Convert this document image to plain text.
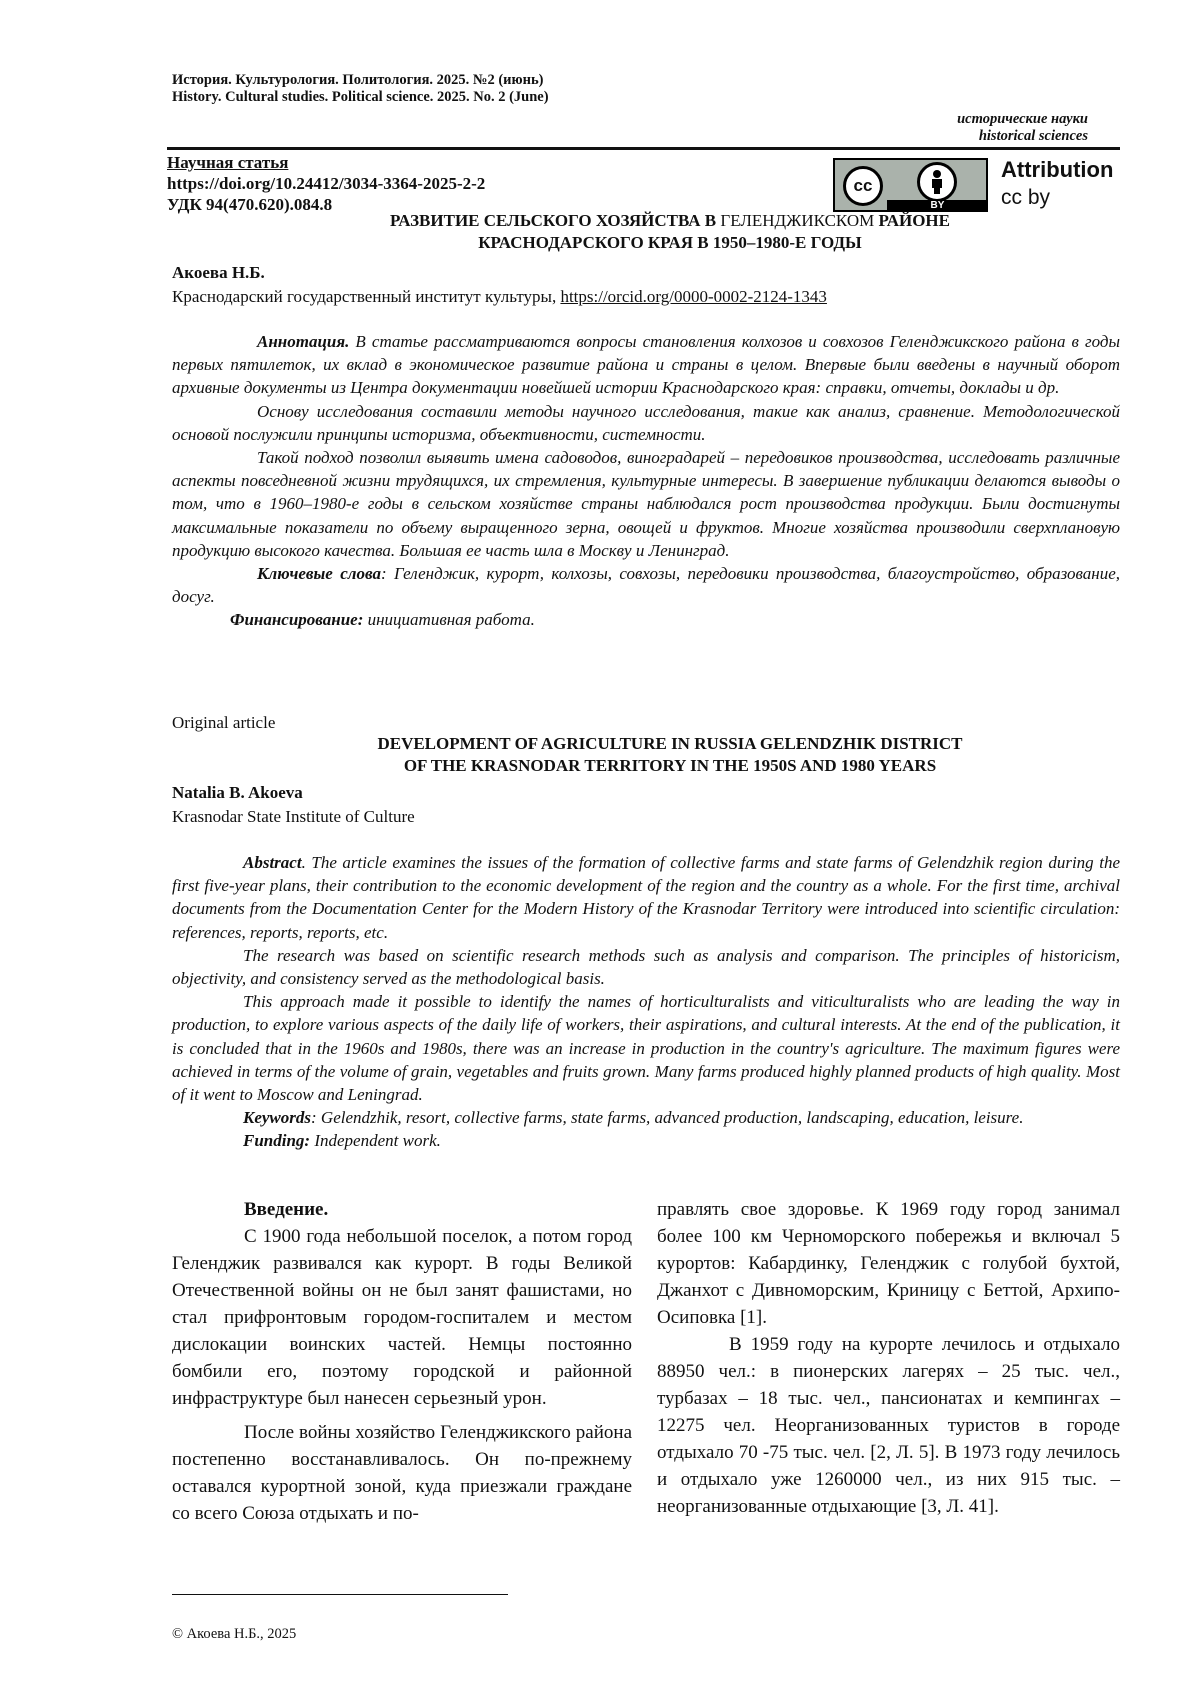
История. Культурология. Политология. 2025. №2 (июнь)
History. Cultural studies. Political science. 2025. No. 2 (June)
исторические науки
historical sciences
Научная статья
https://doi.org/10.24412/3034-3364-2025-2-2
УДК 94(470.620).084.8
cc
BY
Attribution
cc by
РАЗВИТИЕ СЕЛЬСКОГО ХОЗЯЙСТВА В ГЕЛЕНДЖИКСКОМ РАЙОНЕ
КРАСНОДАРСКОГО КРАЯ В 1950–1980-Е ГОДЫ
Акоева Н.Б.
Краснодарский государственный институт культуры, https://orcid.org/0000-0002-2124-1343
Аннотация. В статье рассматриваются вопросы становления колхозов и совхозов Геленджикского района в годы первых пятилеток, их вклад в экономическое развитие района и страны в целом. Впервые были введены в научный оборот архивные документы из Центра документации новейшей истории Краснодарского края: справки, отчеты, доклады и др.
Основу исследования составили методы научного исследования, такие как анализ, сравнение. Методологической основой послужили принципы историзма, объективности, системности.
Такой подход позволил выявить имена садоводов, виноградарей – передовиков производства, исследовать различные аспекты повседневной жизни трудящихся, их стремления, культурные интересы. В завершение публикации делаются выводы о том, что в 1960–1980-е годы в сельском хозяйстве страны наблюдался рост производства продукции. Были достигнуты максимальные показатели по объему выращенного зерна, овощей и фруктов. Многие хозяйства производили сверхплановую продукцию высокого качества. Большая ее часть шла в Москву и Ленинград.
Ключевые слова: Геленджик, курорт, колхозы, совхозы, передовики производства, благоустройство, образование, досуг.
Финансирование: инициативная работа.
Original article
DEVELOPMENT OF AGRICULTURE IN RUSSIA GELENDZHIK DISTRICT
OF THE KRASNODAR TERRITORY IN THE 1950S AND 1980 YEARS
Natalia B. Akoeva
Krasnodar State Institute of Culture
Abstract. The article examines the issues of the formation of collective farms and state farms of Gelendzhik region during the first five-year plans, their contribution to the economic development of the region and the country as a whole. For the first time, archival documents from the Documentation Center for the Modern History of the Krasnodar Territory were introduced into scientific circulation: references, reports, reports, etc.
The research was based on scientific research methods such as analysis and comparison. The principles of historicism, objectivity, and consistency served as the methodological basis.
This approach made it possible to identify the names of horticulturalists and viticulturalists who are leading the way in production, to explore various aspects of the daily life of workers, their aspirations, and cultural interests. At the end of the publication, it is concluded that in the 1960s and 1980s, there was an increase in production in the country's agriculture. The maximum figures were achieved in terms of the volume of grain, vegetables and fruits grown. Many farms produced highly planned products of high quality. Most of it went to Moscow and Leningrad.
Keywords: Gelendzhik, resort, collective farms, state farms, advanced production, landscaping, education, leisure.
Funding: Independent work.
Введение.
С 1900 года небольшой поселок, а потом город Геленджик развивался как курорт. В годы Великой Отечественной войны он не был занят фашистами, но стал прифронтовым городом-госпиталем и местом дислокации воинских частей. Немцы постоянно бомбили его, поэтому городской и районной инфраструктуре был нанесен серьезный урон.
После войны хозяйство Геленджикского района постепенно восстанавливалось. Он по-прежнему оставался курортной зоной, куда приезжали граждане со всего Союза отдыхать и по-
правлять свое здоровье. К 1969 году город занимал более 100 км Черноморского побережья и включал 5 курортов: Кабардинку, Геленджик с голубой бухтой, Джанхот с Дивноморским, Криницу с Беттой, Архипо-Осиповка [1].
В 1959 году на курорте лечилось и отдыхало 88950 чел.: в пионерских лагерях – 25 тыс. чел., турбазах – 18 тыс. чел., пансионатах и кемпингах – 12275 чел. Неорганизованных туристов в городе отдыхало 70 -75 тыс. чел. [2, Л. 5]. В 1973 году лечилось и отдыхало уже 1260000 чел., из них 915 тыс. – неорганизованные отдыхающие [3, Л. 41].
© Акоева Н.Б., 2025
